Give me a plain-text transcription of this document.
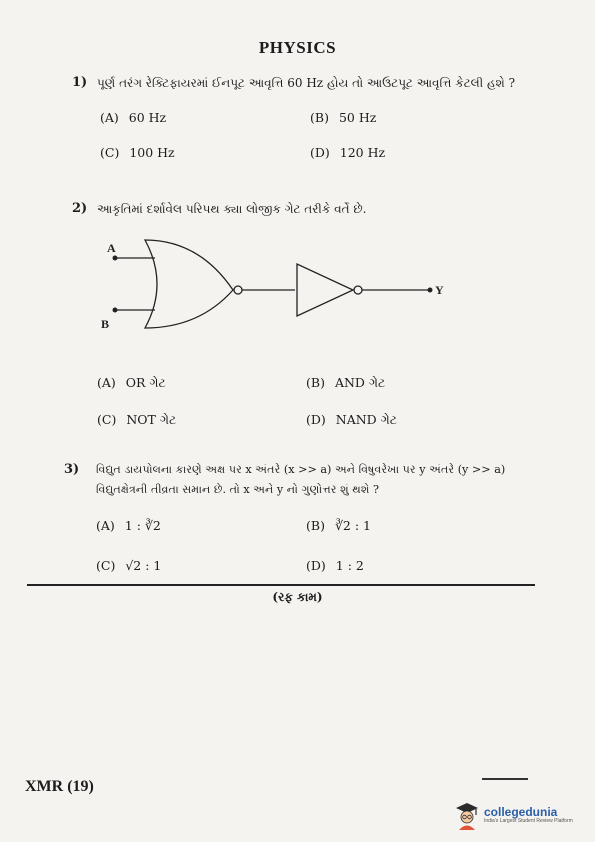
PHYSICS
1) પૂર્ણ તરંગ રેક્ટિફાયરમાં ઈનપૂટ આવૃત્તિ 60 Hz હોય તો આઉટપૂટ આવૃત્તિ કેટલી હશે ?
(A) 60 Hz	(B) 50 Hz
(C) 100 Hz	(D) 120 Hz
2) આકૃતિમાં દર્શાવેલ પરિપથ ક્યા લોજીક ગેટ તરીકે વર્તે છે.
A
B
Y
(A) OR ગેટ	(B) AND ગેટ
(C) NOT ગેટ	(D) NAND ગેટ
3) વિદ્યુત ડાયપોલના કારણે અક્ષ પર x અંતરે (x >> a) અને વિષુવરેખા પર y અંતરે (y >> a)
વિદ્યુતક્ષેત્રની તીવ્રતા સમાન છે. તો x અને y નો ગુણોત્તર શું થશે ?
(A) 1 : ∛2	(B) ∛2 : 1
(C) √2 : 1	(D) 1 : 2
(રફ કામ)
XMR (19)
collegedunia
India's Largest Student Review Platform
